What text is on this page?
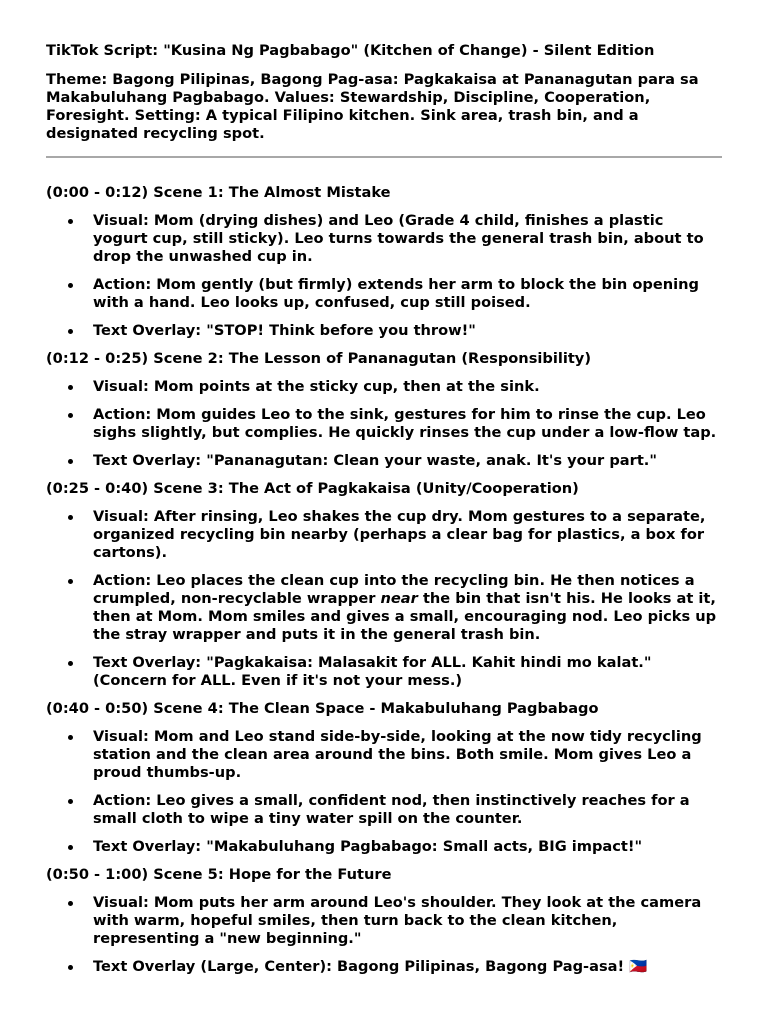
TikTok Script: "Kusina Ng Pagbabago" (Kitchen of Change) - Silent Edition

Theme: Bagong Pilipinas, Bagong Pag-asa: Pagkakaisa at Pananagutan para sa Makabuluhang Pagbabago. Values: Stewardship, Discipline, Cooperation, Foresight. Setting: A typical Filipino kitchen. Sink area, trash bin, and a designated recycling spot.

(0:00 - 0:12) Scene 1: The Almost Mistake

Visual: Mom (drying dishes) and Leo (Grade 4 child, finishes a plastic yogurt cup, still sticky). Leo turns towards the general trash bin, about to drop the unwashed cup in.
Action: Mom gently (but firmly) extends her arm to block the bin opening with a hand. Leo looks up, confused, cup still poised.
Text Overlay: "STOP! Think before you throw!"

(0:12 - 0:25) Scene 2: The Lesson of Pananagutan (Responsibility)

Visual: Mom points at the sticky cup, then at the sink.
Action: Mom guides Leo to the sink, gestures for him to rinse the cup. Leo sighs slightly, but complies. He quickly rinses the cup under a low-flow tap.
Text Overlay: "Pananagutan: Clean your waste, anak. It's your part."

(0:25 - 0:40) Scene 3: The Act of Pagkakaisa (Unity/Cooperation)

Visual: After rinsing, Leo shakes the cup dry. Mom gestures to a separate, organized recycling bin nearby (perhaps a clear bag for plastics, a box for cartons).
Action: Leo places the clean cup into the recycling bin. He then notices a crumpled, non-recyclable wrapper near the bin that isn't his. He looks at it, then at Mom. Mom smiles and gives a small, encouraging nod. Leo picks up the stray wrapper and puts it in the general trash bin.
Text Overlay: "Pagkakaisa: Malasakit for ALL. Kahit hindi mo kalat." (Concern for ALL. Even if it's not your mess.)

(0:40 - 0:50) Scene 4: The Clean Space - Makabuluhang Pagbabago

Visual: Mom and Leo stand side-by-side, looking at the now tidy recycling station and the clean area around the bins. Both smile. Mom gives Leo a proud thumbs-up.
Action: Leo gives a small, confident nod, then instinctively reaches for a small cloth to wipe a tiny water spill on the counter.
Text Overlay: "Makabuluhang Pagbabago: Small acts, BIG impact!"

(0:50 - 1:00) Scene 5: Hope for the Future

Visual: Mom puts her arm around Leo's shoulder. They look at the camera with warm, hopeful smiles, then turn back to the clean kitchen, representing a "new beginning."
Text Overlay (Large, Center): Bagong Pilipinas, Bagong Pag-asa! 🇵🇭
